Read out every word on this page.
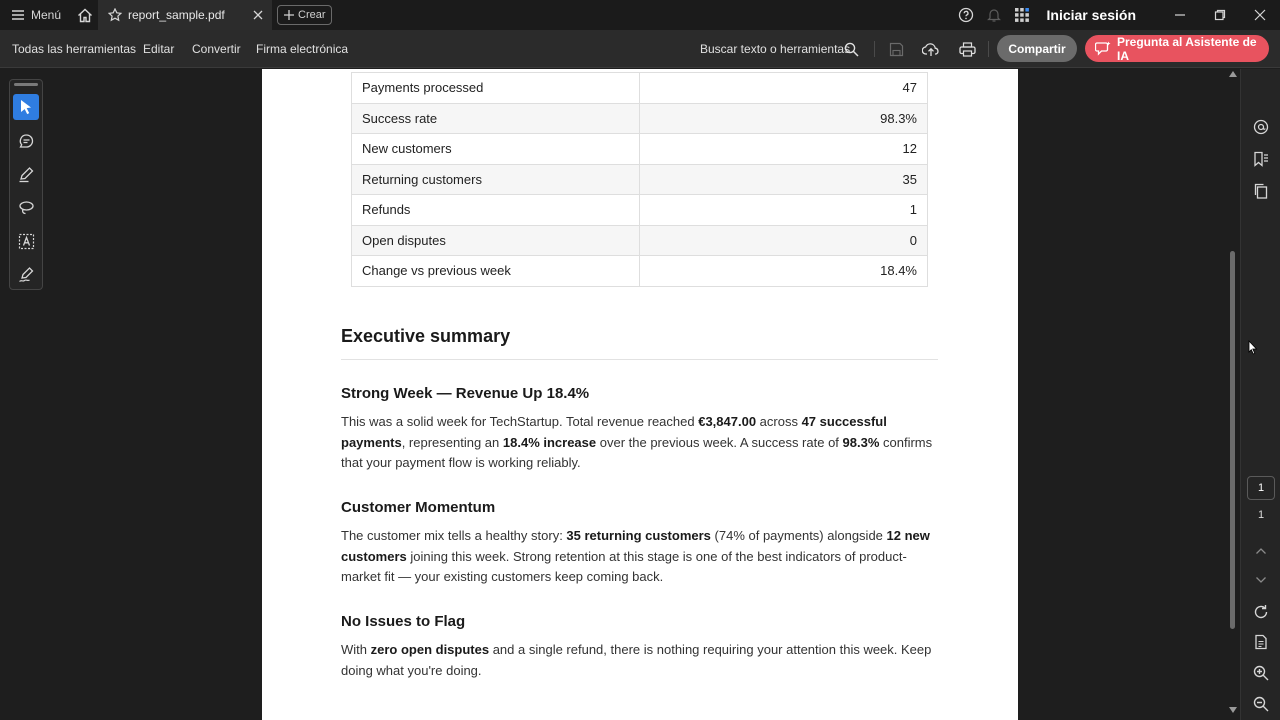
Menú	report_sample.pdf	Crear	Iniciar sesión
Todas las herramientas Editar Convertir Firma electrónica	Buscar texto o herramientas	Compartir	Pregunta al Asistente de IA
Payments processed	47
Success rate	98.3%
New customers	12
Returning customers	35
Refunds	1
Open disputes	0
Change vs previous week	18.4%
Executive summary
Strong Week — Revenue Up 18.4%

This was a solid week for TechStartup. Total revenue reached €3,847.00 across 47 successful payments, representing an 18.4% increase over the previous week. A success rate of 98.3% confirms that your payment flow is working reliably.

Customer Momentum

The customer mix tells a healthy story: 35 returning customers (74% of payments) alongside 12 new customers joining this week. Strong retention at this stage is one of the best indicators of product-market fit — your existing customers keep coming back.

No Issues to Flag

With zero open disputes and a single refund, there is nothing requiring your attention this week. Keep doing what you're doing.

1
1
